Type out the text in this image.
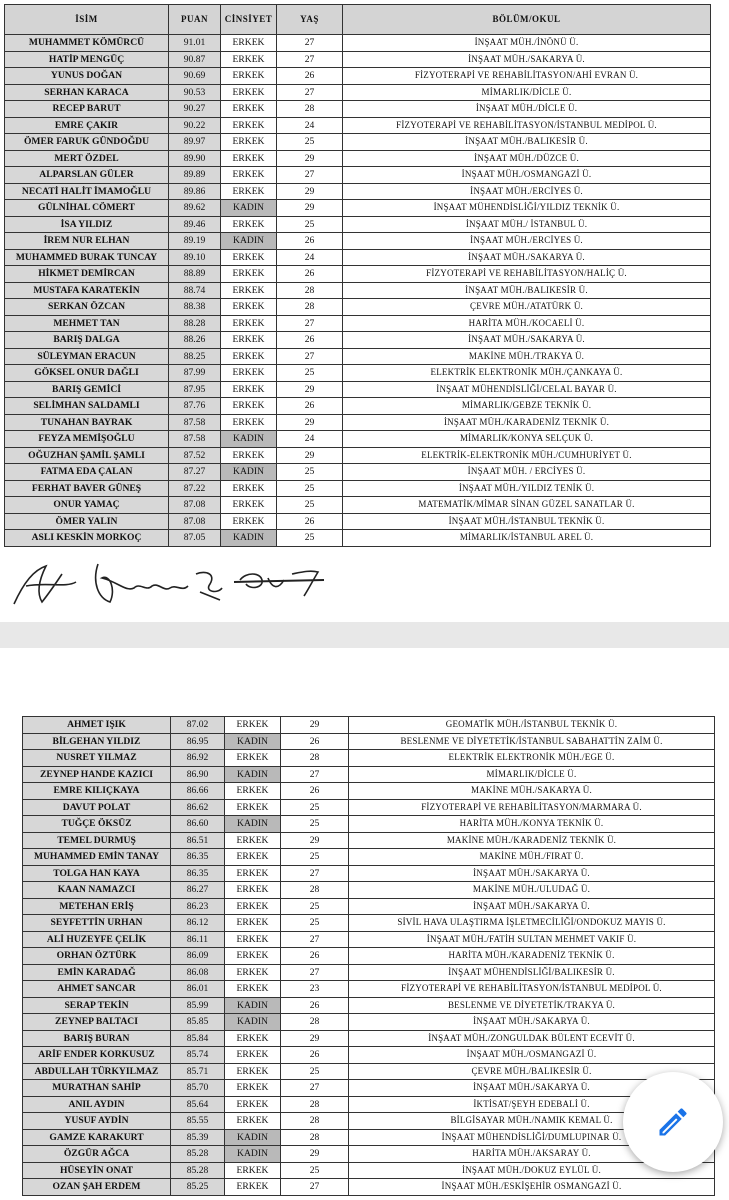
İSİM	PUAN	CİNSİYET	YAŞ	BÖLÜM/OKUL
MUHAMMET KÖMÜRCÜ	91.01	ERKEK	27	İNŞAAT MÜH./İNÖNÜ Ü.
HATİP MENGÜÇ	90.87	ERKEK	27	İNŞAAT MÜH./SAKARYA Ü.
YUNUS DOĞAN	90.69	ERKEK	26	FİZYOTERAPİ VE REHABİLİTASYON/AHİ EVRAN Ü.
SERHAN KARACA	90.53	ERKEK	27	MİMARLIK/DİCLE Ü.
RECEP BARUT	90.27	ERKEK	28	İNŞAAT MÜH./DİCLE Ü.
EMRE ÇAKIR	90.22	ERKEK	24	FİZYOTERAPİ VE REHABİLİTASYON/İSTANBUL MEDİPOL Ü.
ÖMER FARUK GÜNDOĞDU	89.97	ERKEK	25	İNŞAAT MÜH./BALIKESİR Ü.
MERT ÖZDEL	89.90	ERKEK	29	İNŞAAT MÜH./DÜZCE Ü.
ALPARSLAN GÜLER	89.89	ERKEK	27	İNŞAAT MÜH./OSMANGAZİ Ü.
NECATİ HALİT İMAMOĞLU	89.86	ERKEK	29	İNŞAAT MÜH./ERCİYES Ü.
GÜLNİHAL CÖMERT	89.62	KADIN	29	İNŞAAT MÜHENDİSLİĞİ/YILDIZ TEKNİK Ü.
İSA YILDIZ	89.46	ERKEK	25	İNŞAAT MÜH./ İSTANBUL Ü.
İREM NUR ELHAN	89.19	KADIN	26	İNŞAAT MÜH./ERCİYES Ü.
MUHAMMED BURAK TUNCAY	89.10	ERKEK	24	İNŞAAT MÜH./SAKARYA Ü.
HİKMET DEMİRCAN	88.89	ERKEK	26	FİZYOTERAPİ VE REHABİLİTASYON/HALİÇ Ü.
MUSTAFA KARATEKİN	88.74	ERKEK	28	İNŞAAT MÜH./BALIKESİR Ü.
SERKAN ÖZCAN	88.38	ERKEK	28	ÇEVRE MÜH./ATATÜRK Ü.
MEHMET TAN	88.28	ERKEK	27	HARİTA MÜH./KOCAELİ Ü.
BARIŞ DALGA	88.26	ERKEK	26	İNŞAAT MÜH./SAKARYA Ü.
SÜLEYMAN ERACUN	88.25	ERKEK	27	MAKİNE MÜH./TRAKYA Ü.
GÖKSEL ONUR DAĞLI	87.99	ERKEK	25	ELEKTRİK ELEKTRONİK MÜH./ÇANKAYA Ü.
BARIŞ GEMİCİ	87.95	ERKEK	29	İNŞAAT MÜHENDİSLİĞİ/CELAL BAYAR Ü.
SELİMHAN SALDAMLI	87.76	ERKEK	26	MİMARLIK/GEBZE TEKNİK Ü.
TUNAHAN BAYRAK	87.58	ERKEK	29	İNŞAAT MÜH./KARADENİZ TEKNİK Ü.
FEYZA MEMİŞOĞLU	87.58	KADIN	24	MİMARLIK/KONYA SELÇUK Ü.
OĞUZHAN ŞAMİL ŞAMLI	87.52	ERKEK	29	ELEKTRİK-ELEKTRONİK MÜH./CUMHURİYET Ü.
FATMA EDA ÇALAN	87.27	KADIN	25	İNŞAAT MÜH. / ERCİYES Ü.
FERHAT BAVER GÜNEŞ	87.22	ERKEK	25	İNŞAAT MÜH./YILDIZ TENİK Ü.
ONUR YAMAÇ	87.08	ERKEK	25	MATEMATİK/MİMAR SİNAN GÜZEL SANATLAR Ü.
ÖMER YALIN	87.08	ERKEK	26	İNŞAAT MÜH./İSTANBUL TEKNİK Ü.
ASLI KESKİN MORKOÇ	87.05	KADIN	25	MİMARLIK/İSTANBUL AREL Ü.
AHMET IŞIK	87.02	ERKEK	29	GEOMATİK MÜH./İSTANBUL TEKNİK Ü.
BİLGEHAN YILDIZ	86.95	KADIN	26	BESLENME VE DİYETETİK/İSTANBUL SABAHATTİN ZAİM Ü.
NUSRET YILMAZ	86.92	ERKEK	28	ELEKTRİK ELEKTRONİK MÜH./EGE Ü.
ZEYNEP HANDE KAZICI	86.90	KADIN	27	MİMARLIK/DİCLE Ü.
EMRE KILIÇKAYA	86.66	ERKEK	26	MAKİNE MÜH./SAKARYA Ü.
DAVUT POLAT	86.62	ERKEK	25	FİZYOTERAPİ VE REHABİLİTASYON/MARMARA Ü.
TUĞÇE ÖKSÜZ	86.60	KADIN	25	HARİTA MÜH./KONYA TEKNİK Ü.
TEMEL DURMUŞ	86.51	ERKEK	29	MAKİNE MÜH./KARADENİZ TEKNİK Ü.
MUHAMMED EMİN TANAY	86.35	ERKEK	25	MAKİNE MÜH./FIRAT Ü.
TOLGA HAN KAYA	86.35	ERKEK	27	İNŞAAT MÜH./SAKARYA Ü.
KAAN NAMAZCI	86.27	ERKEK	28	MAKİNE MÜH./ULUDAĞ Ü.
METEHAN ERİŞ	86.23	ERKEK	25	İNŞAAT MÜH./SAKARYA Ü.
SEYFETTİN URHAN	86.12	ERKEK	25	SİVİL HAVA ULAŞTIRMA İŞLETMECİLİĞİ/ONDOKUZ MAYIS Ü.
ALİ HUZEYFE ÇELİK	86.11	ERKEK	27	İNŞAAT MÜH./FATİH SULTAN MEHMET VAKIF Ü.
ORHAN ÖZTÜRK	86.09	ERKEK	26	HARİTA MÜH./KARADENİZ TEKNİK Ü.
EMİN KARADAĞ	86.08	ERKEK	27	İNŞAAT MÜHENDİSLİĞİ/BALIKESİR Ü.
AHMET SANCAR	86.01	ERKEK	23	FİZYOTERAPİ VE REHABİLİTASYON/İSTANBUL MEDİPOL Ü.
SERAP TEKİN	85.99	KADIN	26	BESLENME VE DİYETETİK/TRAKYA Ü.
ZEYNEP BALTACI	85.85	KADIN	28	İNŞAAT MÜH./SAKARYA Ü.
BARIŞ BURAN	85.84	ERKEK	29	İNŞAAT MÜH./ZONGULDAK BÜLENT ECEVİT Ü.
ARİF ENDER KORKUSUZ	85.74	ERKEK	26	İNŞAAT MÜH./OSMANGAZİ Ü.
ABDULLAH TÜRKYILMAZ	85.71	ERKEK	25	ÇEVRE MÜH./BALIKESİR Ü.
MURATHAN SAHİP	85.70	ERKEK	27	İNŞAAT MÜH./SAKARYA Ü.
ANIL AYDIN	85.64	ERKEK	28	İKTİSAT/ŞEYH EDEBALİ Ü.
YUSUF AYDİN	85.55	ERKEK	28	BİLGİSAYAR MÜH./NAMIK KEMAL Ü.
GAMZE KARAKURT	85.39	KADIN	28	İNŞAAT MÜHENDİSLİĞİ/DUMLUPINAR Ü.
ÖZGÜR AĞCA	85.28	KADIN	29	HARİTA MÜH./AKSARAY Ü.
HÜSEYİN ONAT	85.28	ERKEK	25	İNŞAAT MÜH./DOKUZ EYLÜL Ü.
OZAN ŞAH ERDEM	85.25	ERKEK	27	İNŞAAT MÜH./ESKİŞEHİR OSMANGAZİ Ü.
